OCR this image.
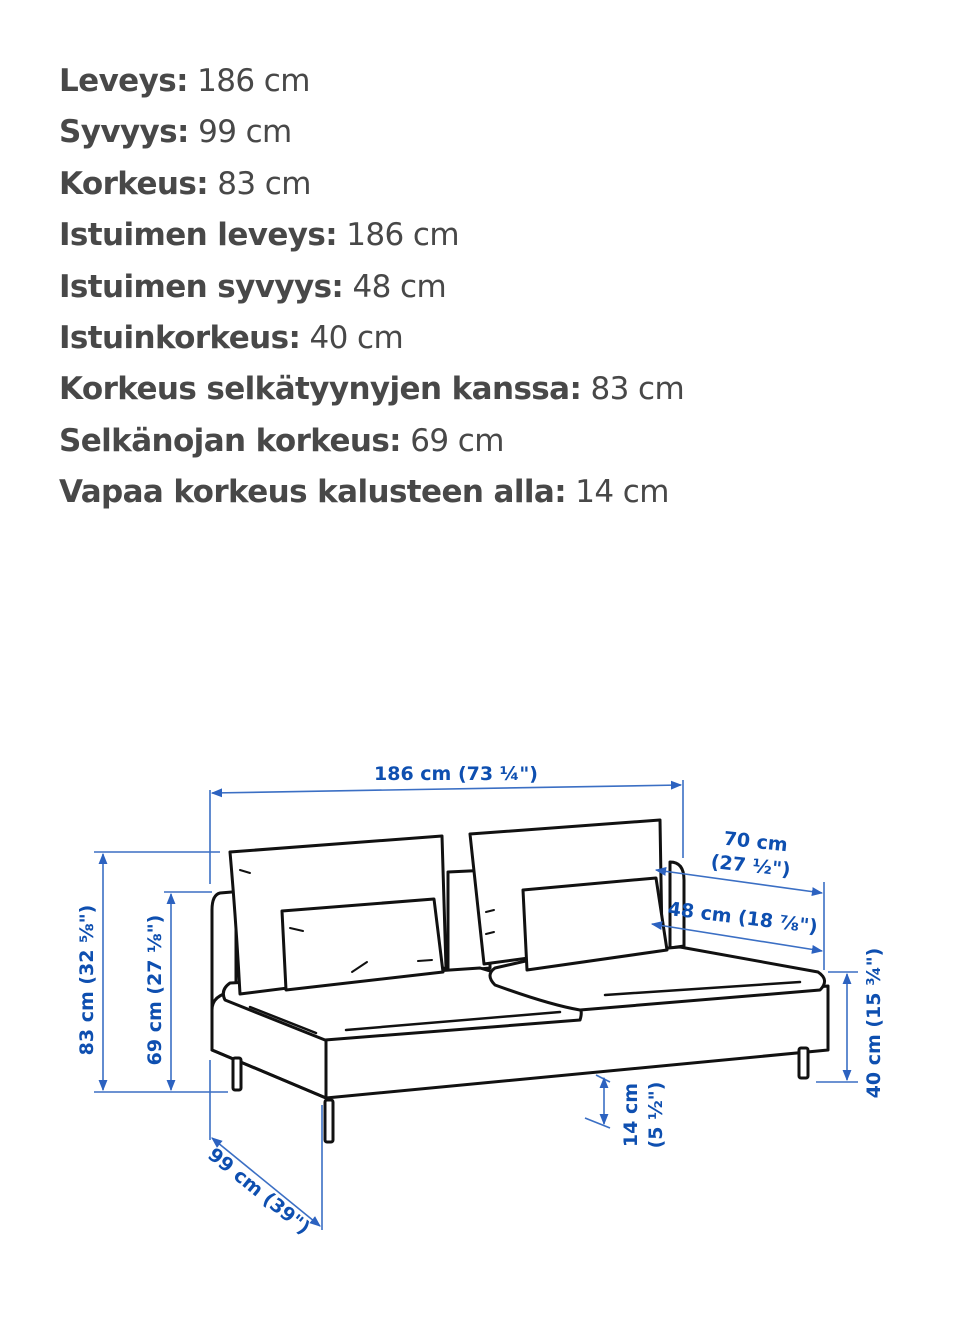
Leveys: 186 cm
Syvyys: 99 cm
Korkeus: 83 cm
Istuimen leveys: 186 cm
Istuimen syvyys: 48 cm
Istuinkorkeus: 40 cm
Korkeus selkätyynyjen kanssa: 83 cm
Selkänojan korkeus: 69 cm
Vapaa korkeus kalusteen alla: 14 cm
186 cm (73 ¼")
70 cm
(27 ½")
48 cm (18 ⅞")
83 cm (32 ⅝") 69 cm (27 ⅛")	40 cm (15 ¾")
14 cm (5 ½")
99 cm (39")
